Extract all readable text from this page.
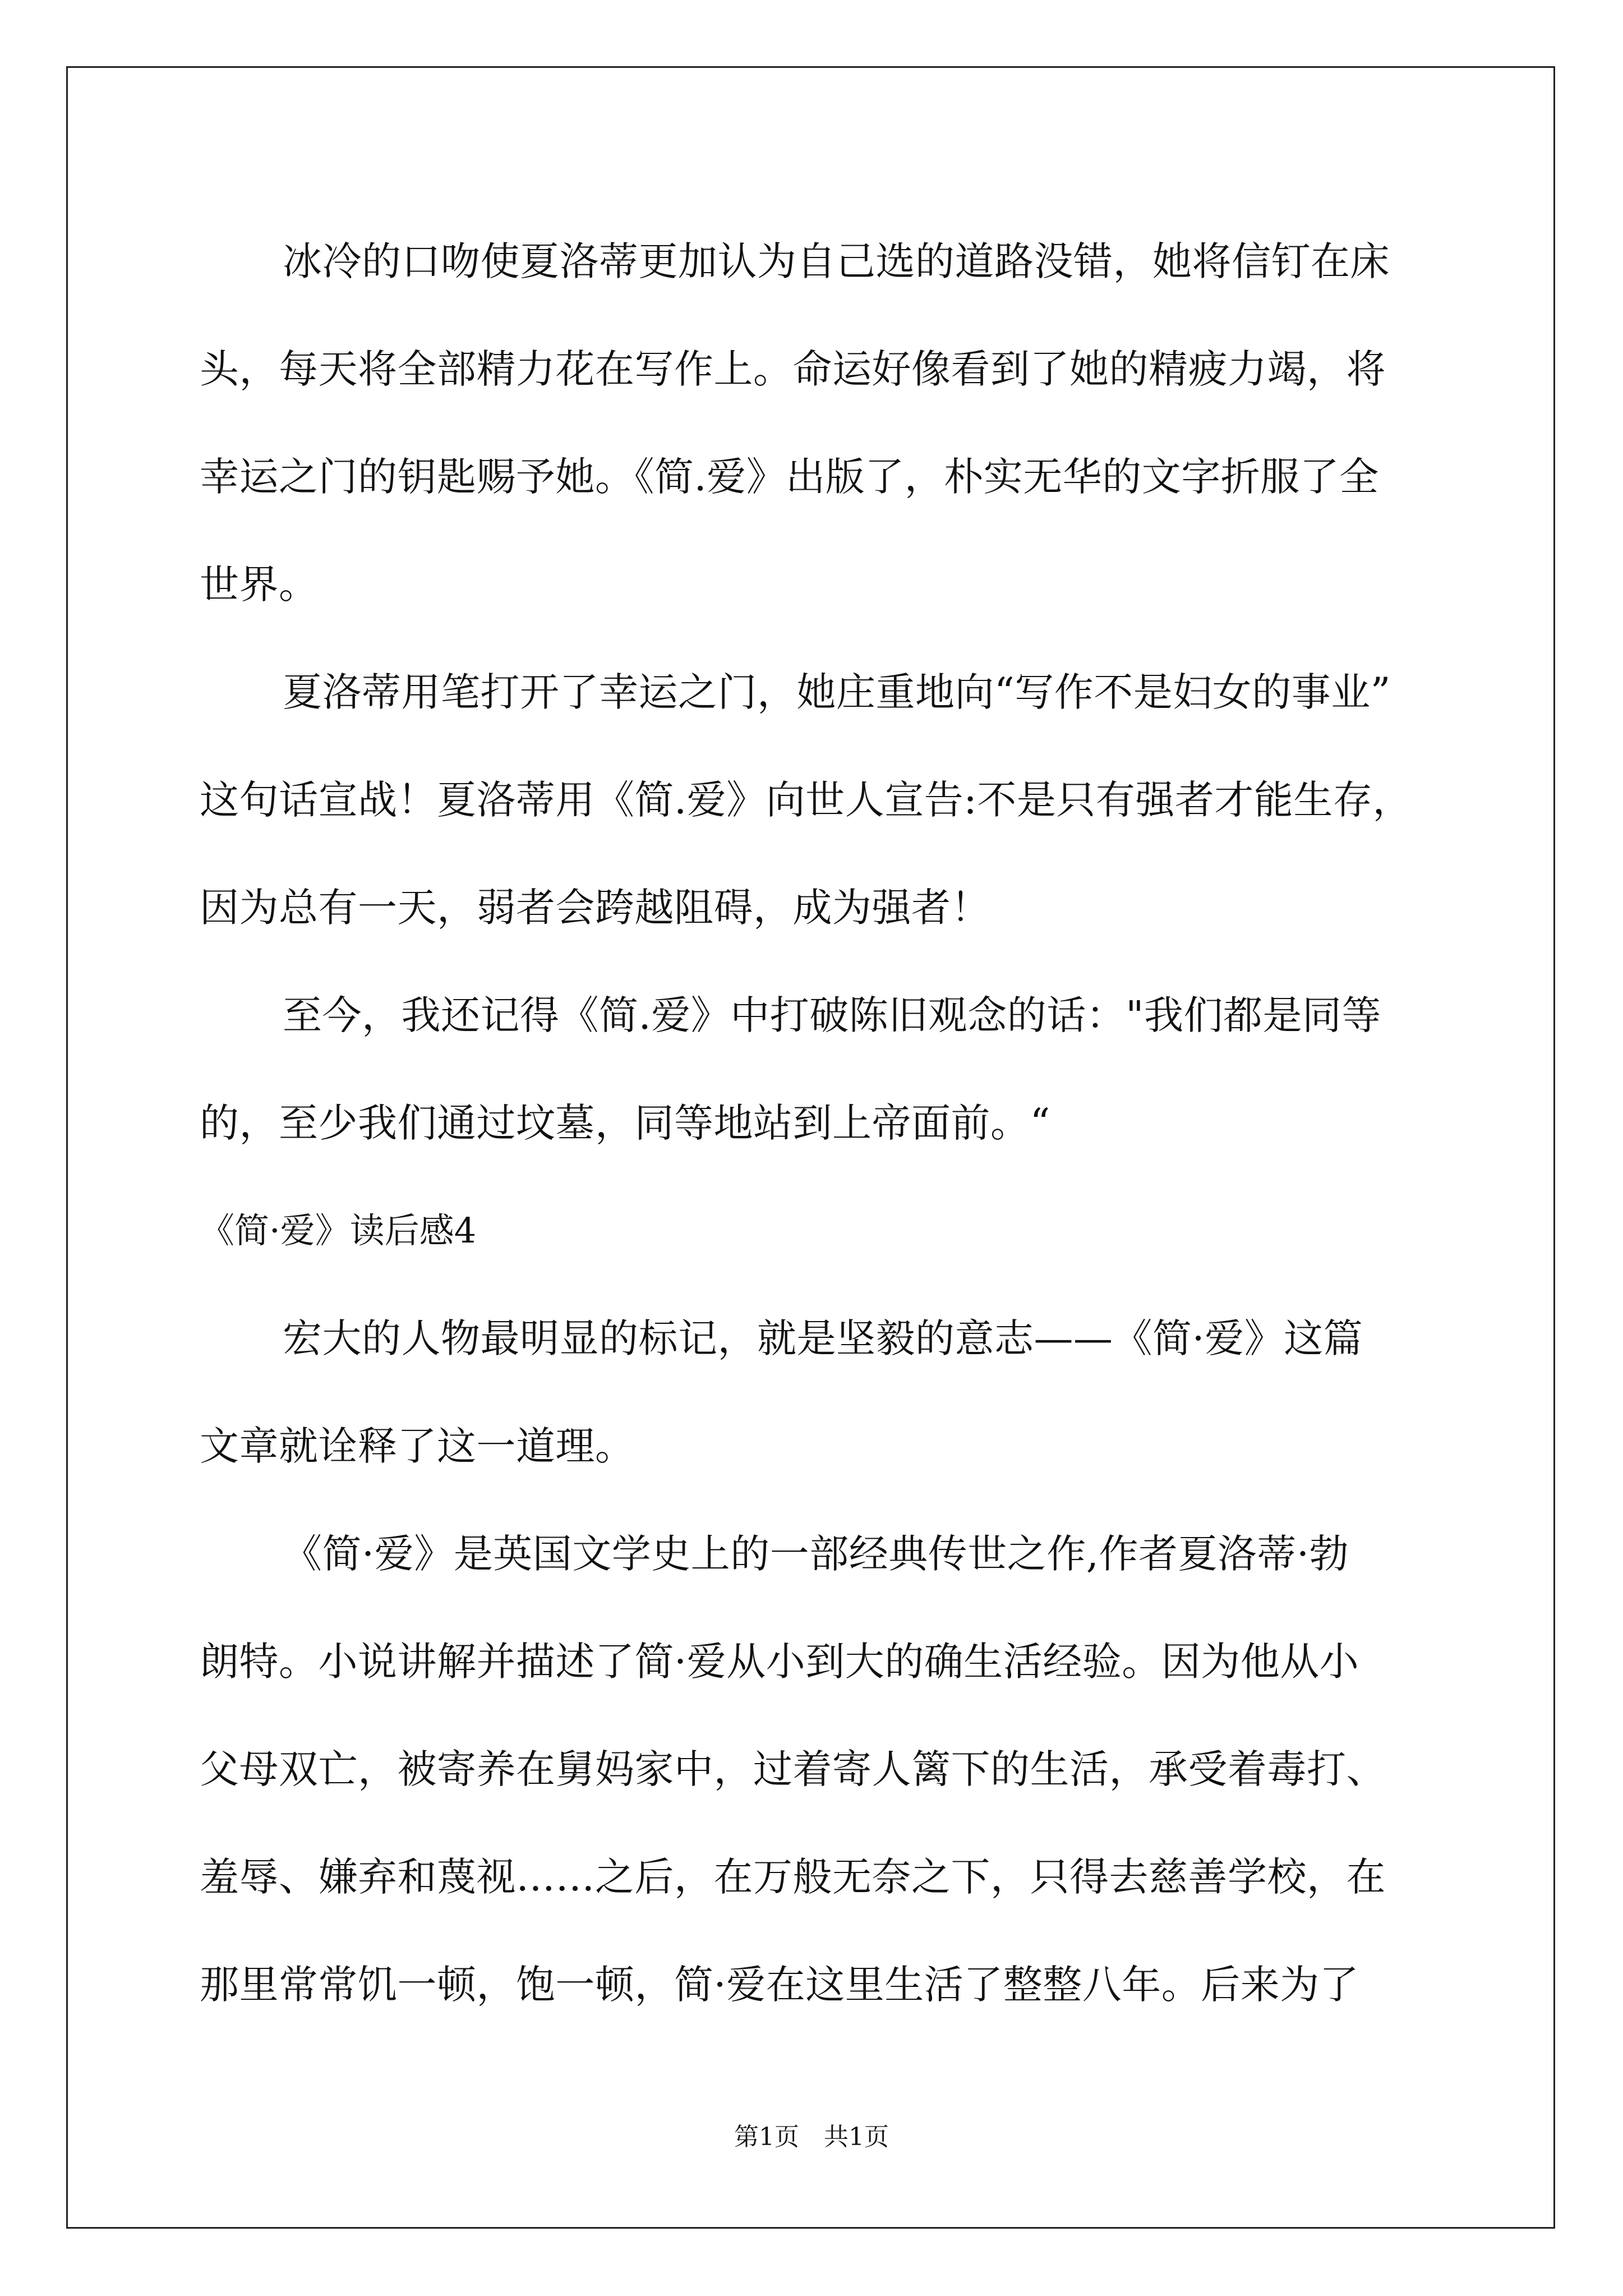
冰冷的口吻使夏洛蒂更加认为自己选的道路没错，她将信钉在床
头，每天将全部精力花在写作上。命运好像看到了她的精疲力竭，将
幸运之门的钥匙赐予她。《简.爱》出版了，朴实无华的文字折服了全
世界。
夏洛蒂用笔打开了幸运之门，她庄重地向“写作不是妇女的事业”
这句话宣战！夏洛蒂用《简.爱》向世人宣告:不是只有强者才能生存，
因为总有一天，弱者会跨越阻碍，成为强者！
至今，我还记得《简.爱》中打破陈旧观念的话："我们都是同等
的，至少我们通过坟墓，同等地站到上帝面前。“
《简·爱》读后感4
宏大的人物最明显的标记，就是坚毅的意志——《简·爱》这篇
文章就诠释了这一道理。
《简·爱》是英国文学史上的一部经典传世之作,作者夏洛蒂·勃
朗特。小说讲解并描述了简·爱从小到大的确生活经验。因为他从小
父母双亡，被寄养在舅妈家中，过着寄人篱下的生活，承受着毒打、
羞辱、嫌弃和蔑视……之后，在万般无奈之下，只得去慈善学校，在
那里常常饥一顿，饱一顿，简·爱在这里生活了整整八年。后来为了
第1页　共1页
